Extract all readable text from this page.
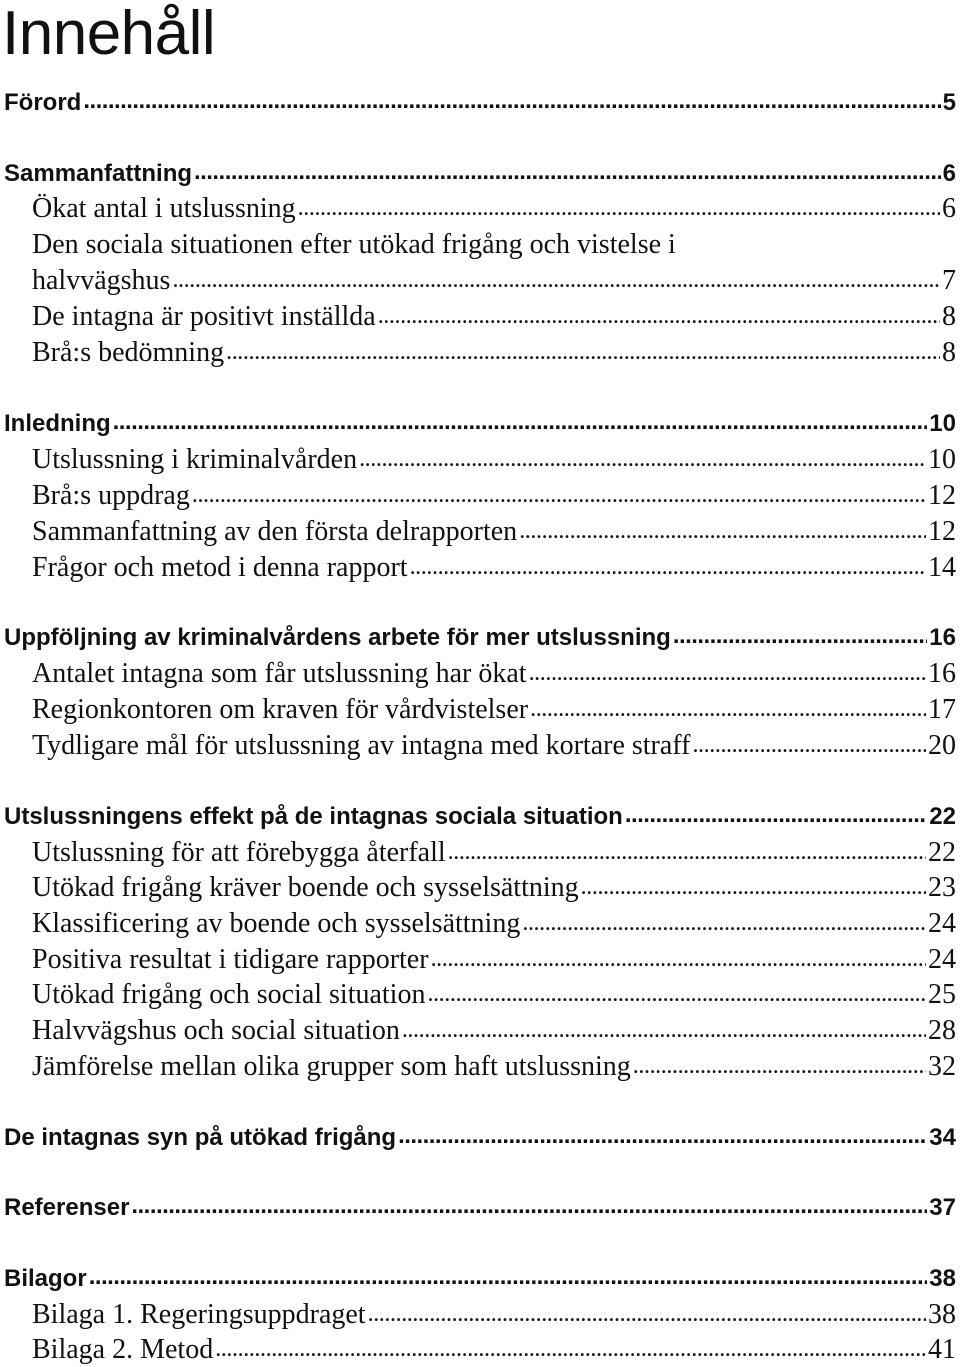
Innehåll
Förord . . .	5
Sammanfattning . . .	6
Ökat antal i utslussning . . .	6
Den sociala situationen efter utökad frigång och vistelse i
halvvägshus . . .	7
De intagna är positivt inställda . . .	8
Brå:s bedömning . . .	8
Inledning . . .	10
Utslussning i kriminalvården . . .	10
Brå:s uppdrag . . .	12
Sammanfattning av den första delrapporten . . .	12
Frågor och metod i denna rapport . . .	14
Uppföljning av kriminalvårdens arbete för mer utslussning . . .	16
Antalet intagna som får utslussning har ökat . . .	16
Regionkontoren om kraven för vårdvistelser . . .	17
Tydligare mål för utslussning av intagna med kortare straff . . .	20
Utslussningens effekt på de intagnas sociala situation . . .	22
Utslussning för att förebygga återfall . . .	22
Utökad frigång kräver boende och sysselsättning . . .	23
Klassificering av boende och sysselsättning . . .	24
Positiva resultat i tidigare rapporter . . .	24
Utökad frigång och social situation . . .	25
Halvvägshus och social situation . . .	28
Jämförelse mellan olika grupper som haft utslussning . . .	32
De intagnas syn på utökad frigång . . .	34
Referenser . . .	37
Bilagor . . .	38
Bilaga 1. Regeringsuppdraget . . .	38
Bilaga 2. Metod . . .	41
